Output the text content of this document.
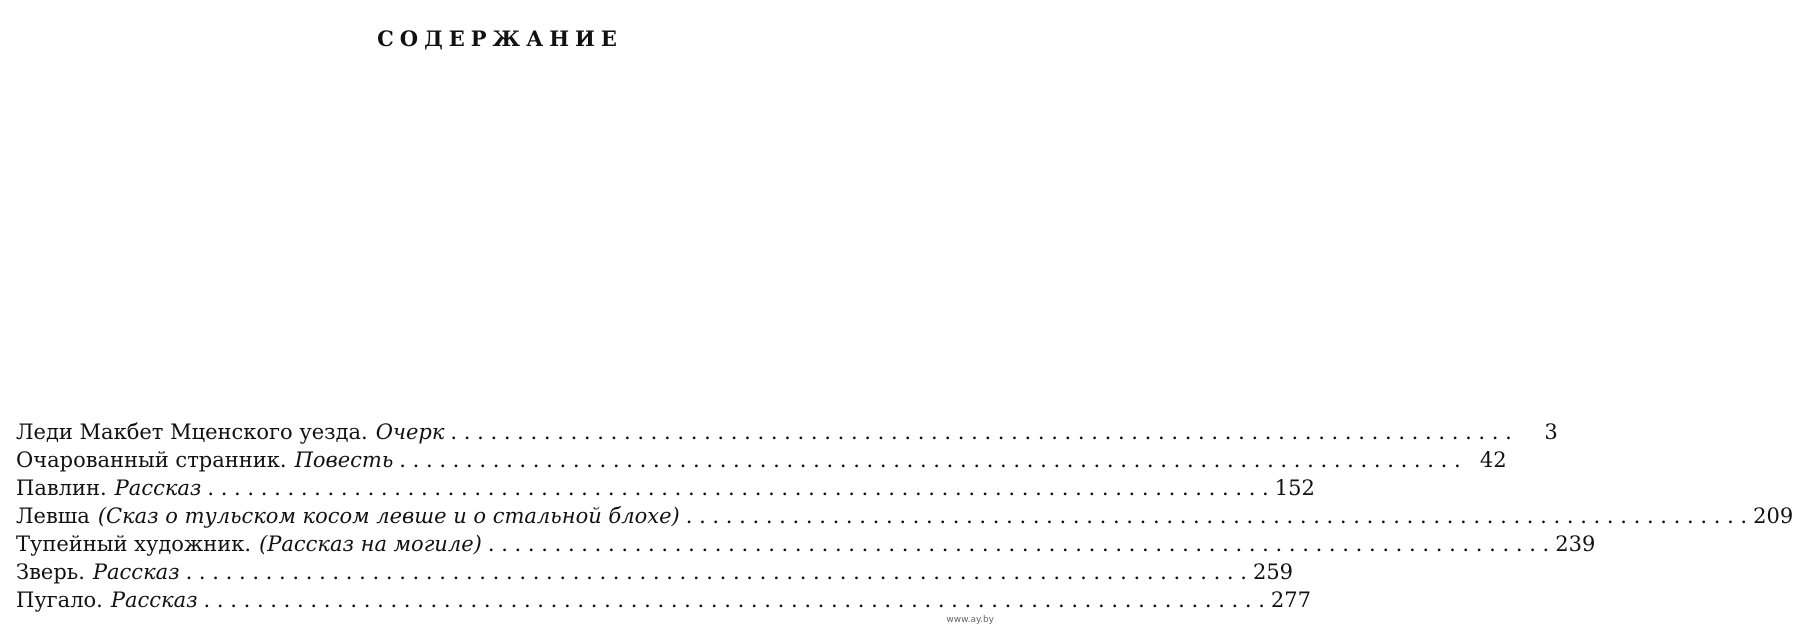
СОДЕРЖАНИЕ
Леди Макбет Мценского уезда. Очерк . . . . . . . . . . . . . . . . . . . . . . . . . . . . . . . . . . . . . . . . . . . . . . . . . . . . . . . . . . . . . . . . . . . . . . . . . . . . . . . .	3
Очарованный странник. Повесть . . . . . . . . . . . . . . . . . . . . . . . . . . . . . . . . . . . . . . . . . . . . . . . . . . . . . . . . . . . . . . . . . . . . . . . . . . . . . . . . 42
Павлин. Рассказ . . . . . . . . . . . . . . . . . . . . . . . . . . . . . . . . . . . . . . . . . . . . . . . . . . . . . . . . . . . . . . . . . . . . . . . . . . . . . . . . 152
Левша (Сказ о тульском косом левше и о стальной блохе) . . . . . . . . . . . . . . . . . . . . . . . . . . . . . . . . . . . . . . . . . . . . . . . . . . . . . . . . . . . . . . . . . . . . . . . . . . . . . . . . 209
Тупейный художник. (Рассказ на могиле) . . . . . . . . . . . . . . . . . . . . . . . . . . . . . . . . . . . . . . . . . . . . . . . . . . . . . . . . . . . . . . . . . . . . . . . . . . . . . . . . 239
Зверь. Рассказ . . . . . . . . . . . . . . . . . . . . . . . . . . . . . . . . . . . . . . . . . . . . . . . . . . . . . . . . . . . . . . . . . . . . . . . . . . . . . . . . 259
Пугало. Рассказ . . . . . . . . . . . . . . . . . . . . . . . . . . . . . . . . . . . . . . . . . . . . . . . . . . . . . . . . . . . . . . . . . . . . . . . . . . . . . . . . 277
www.ay.by
